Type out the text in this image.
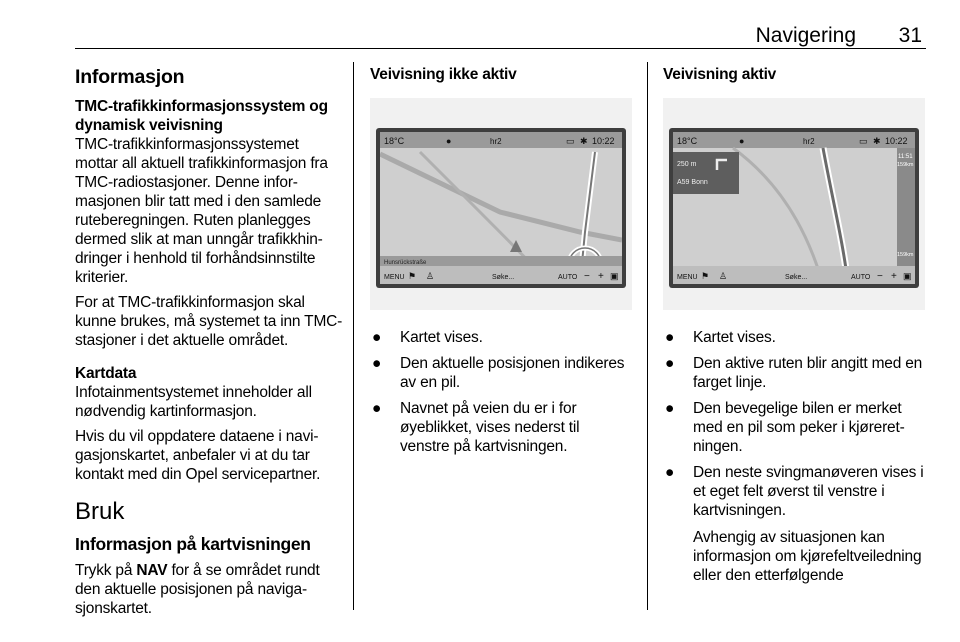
Navigering 31
Informasjon
TMC-trafikkinformasjonssystem og dynamisk veivisning

TMC-trafikkinformasjonssystemet mottar all aktuell trafikkinformasjon fra TMC-radiostasjoner. Denne informasjonen blir tatt med i den samlede ruteberegningen. Ruten planlegges dermed slik at man unngår trafikkhindringer i henhold til forhåndsinnstilte kriterier.

For at TMC-trafikkinformasjon skal kunne brukes, må systemet ta inn TMC-stasjoner i det aktuelle området.

Kartdata

Infotainmentsystemet inneholder all nødvendig kartinformasjon.

Hvis du vil oppdatere dataene i navigasjonskartet, anbefaler vi at du tar kontakt med din Opel servicepartner.

Bruk
Informasjon på kartvisningen

Trykk på NAV for å se området rundt den aktuelle posisjonen på navigasjonskartet.

Veivisning ikke aktiv
18°C	●	hr2	▭ ✱ 10:22
Hunsrückstraße
MENU ⚑ ♙	Søke...	AUTO − + ▣
● Kartet vises.
● Den aktuelle posisjonen indikeres av en pil.
● Navnet på veien du er i for øyeblikket, vises nederst til venstre på kartvisningen.
Veivisning aktiv
18°C	●	hr2	▭ ✱ 10:22
250 m
A59 Bonn
11:51
159km
159km
MENU ⚑ ♙	Søke...	AUTO − + ▣
● Kartet vises.
● Den aktive ruten blir angitt med en farget linje.
● Den bevegelige bilen er merket med en pil som peker i kjøreretningen.
● Den neste svingmanøveren vises i et eget felt øverst til venstre i kartvisningen.
Avhengig av situasjonen kan informasjon om kjørefeltveiledning eller den etterfølgende
